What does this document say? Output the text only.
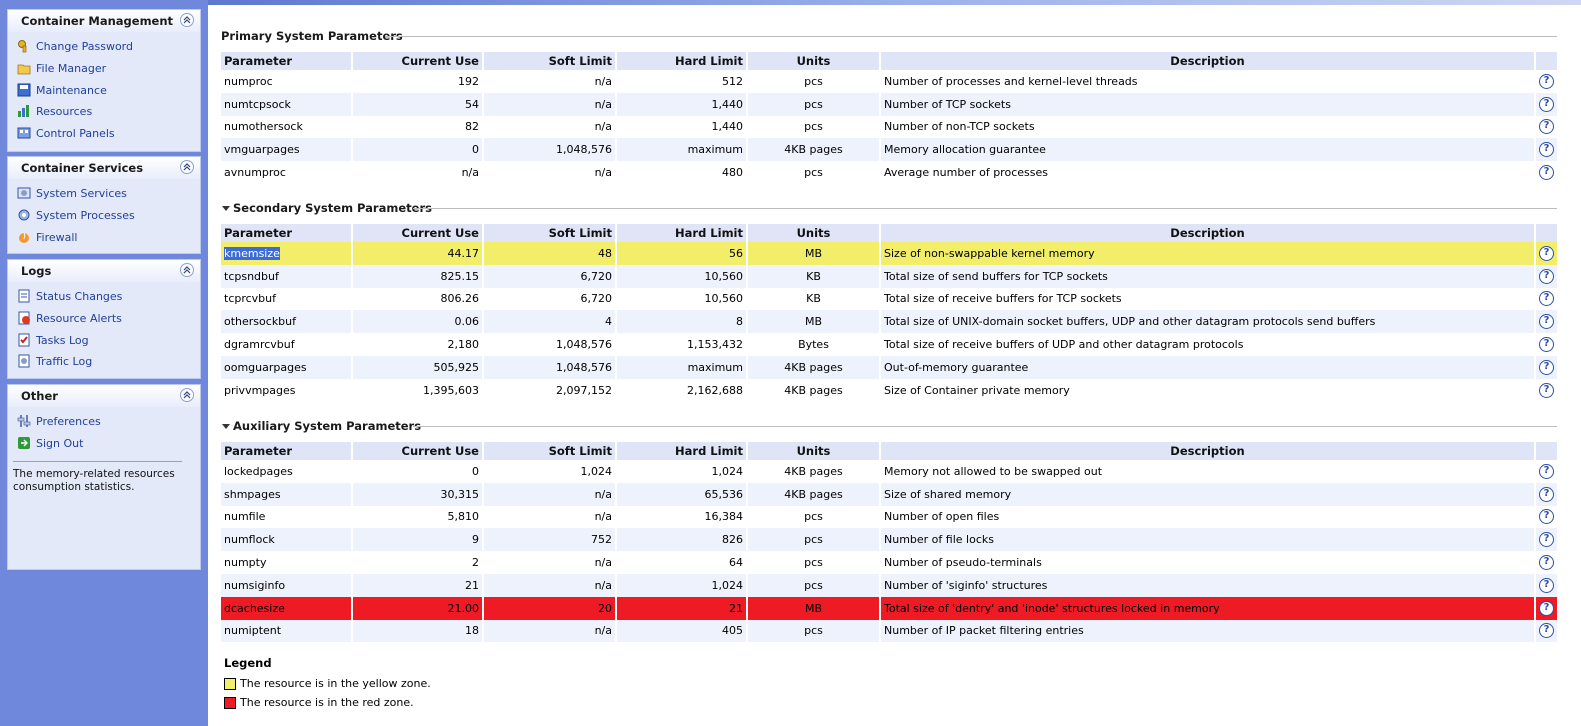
Container Management
Change Password
File Manager
Maintenance
Resources
Control Panels
Container Services
System Services
System Processes
Firewall
Logs
Status Changes
Resource Alerts
Tasks Log
Traffic Log
Other
Preferences
Sign Out
The memory-related resources consumption statistics.
Primary System Parameters
Parameter	Current Use	Soft Limit	Hard Limit	Units	Description	
numproc	192	n/a	512	pcs	Number of processes and kernel-level threads	?
numtcpsock	54	n/a	1,440	pcs	Number of TCP sockets	?
numothersock	82	n/a	1,440	pcs	Number of non-TCP sockets	?
vmguarpages	0	1,048,576	maximum	4KB pages	Memory allocation guarantee	?
avnumproc	n/a	n/a	480	pcs	Average number of processes	?
Secondary System Parameters
Parameter	Current Use	Soft Limit	Hard Limit	Units	Description	
kmemsize	44.17	48	56	MB	Size of non-swappable kernel memory	?
tcpsndbuf	825.15	6,720	10,560	KB	Total size of send buffers for TCP sockets	?
tcprcvbuf	806.26	6,720	10,560	KB	Total size of receive buffers for TCP sockets	?
othersockbuf	0.06	4	8	MB	Total size of UNIX-domain socket buffers, UDP and other datagram protocols send buffers	?
dgramrcvbuf	2,180	1,048,576	1,153,432	Bytes	Total size of receive buffers of UDP and other datagram protocols	?
oomguarpages	505,925	1,048,576	maximum	4KB pages	Out-of-memory guarantee	?
privvmpages	1,395,603	2,097,152	2,162,688	4KB pages	Size of Container private memory	?
Auxiliary System Parameters
Parameter	Current Use	Soft Limit	Hard Limit	Units	Description	
lockedpages	0	1,024	1,024	4KB pages	Memory not allowed to be swapped out	?
shmpages	30,315	n/a	65,536	4KB pages	Size of shared memory	?
numfile	5,810	n/a	16,384	pcs	Number of open files	?
numflock	9	752	826	pcs	Number of file locks	?
numpty	2	n/a	64	pcs	Number of pseudo-terminals	?
numsiginfo	21	n/a	1,024	pcs	Number of 'siginfo' structures	?
dcachesize	21.00	20	21	MB	Total size of 'dentry' and 'inode' structures locked in memory	?
numiptent	18	n/a	405	pcs	Number of IP packet filtering entries	?
Legend
The resource is in the yellow zone.
The resource is in the red zone.
